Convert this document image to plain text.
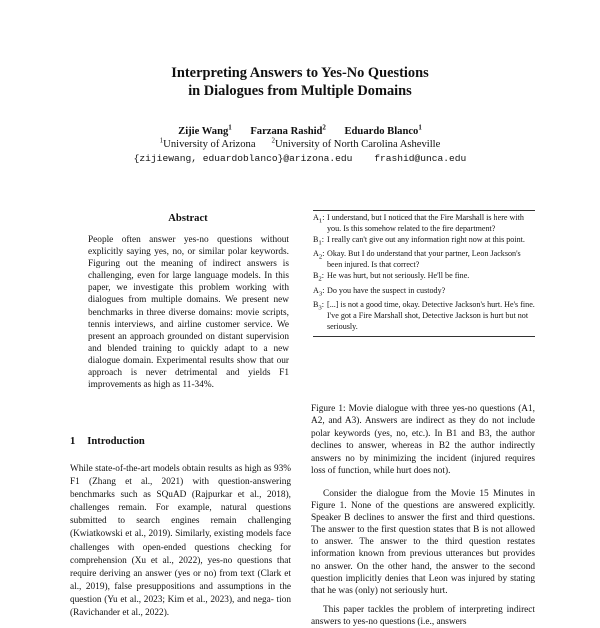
Interpreting Answers to Yes-No Questions
in Dialogues from Multiple Domains
Zijie Wang$^1$ Farzana Rashid$^2$ Eduardo Blanco$^1$
$^1$University of Arizona $^2$University of North Carolina Asheville
{zijiewang, eduardoblanco}@arizona.edu frashid@unca.edu
Abstract
People often answer yes-no questions without explicitly saying yes, no, or similar polar keywords. Figuring out the meaning of indirect answers is challenging, even for large language models. In this paper, we investigate this problem working with dialogues from multiple domains. We present new benchmarks in three diverse domains: movie scripts, tennis interviews, and airline customer service. We present an approach grounded on distant supervision and blended training to quickly adapt to a new dialogue domain. Experimental results show that our approach is never detrimental and yields F1 improvements as high as 11-34%.
1 Introduction
While state-of-the-art models obtain results as high as 93% F1 (Zhang et al., 2021) with question-answering benchmarks such as SQuAD (Rajpurkar et al., 2018), challenges remain. For example, natural questions submitted to search engines remain challenging (Kwiatkowski et al., 2019). Similarly, existing models face challenges with open-ended questions checking for comprehension (Xu et al., 2022), yes-no questions that require deriving an answer (yes or no) from text (Clark et al., 2019), false presuppositions and assumptions in the question (Yu et al., 2023; Kim et al., 2023), and nega- tion (Ravichander et al., 2022).
$A_1$: I understand, but I noticed that the Fire Marshall is here with you. Is this somehow related to the fire department?
$B_1$: I really can't give out any information right now at this point.
$A_2$: Okay. But I do understand that your partner, Leon Jackson's been injured. Is that correct?
$B_2$: He was hurt, but not seriously. He'll be fine.
$A_3$: Do you have the suspect in custody?
$B_3$: [...] is not a good time, okay. Detective Jackson's hurt. He's fine. I've got a Fire Marshall shot, Detective Jackson is hurt but not seriously.
Figure 1: Movie dialogue with three yes-no questions (A1, A2, and A3). Answers are indirect as they do not include polar keywords (yes, no, etc.). In B1 and B3, the author declines to answer, whereas in B2 the author indirectly answers no by minimizing the incident (injured requires loss of function, while hurt does not).

Consider the dialogue from the Movie 15 Minutes in Figure 1. None of the questions are answered explicitly. Speaker B declines to answer the first and third questions. The answer to the first question states that B is not allowed to answer. The answer to the third question restates information known from previous utterances but provides no answer. On the other hand, the answer to the second question implicitly denies that Leon was injured by stating that he was (only) not seriously hurt.

This paper tackles the problem of interpreting indirect answers to yes-no questions (i.e., answers
